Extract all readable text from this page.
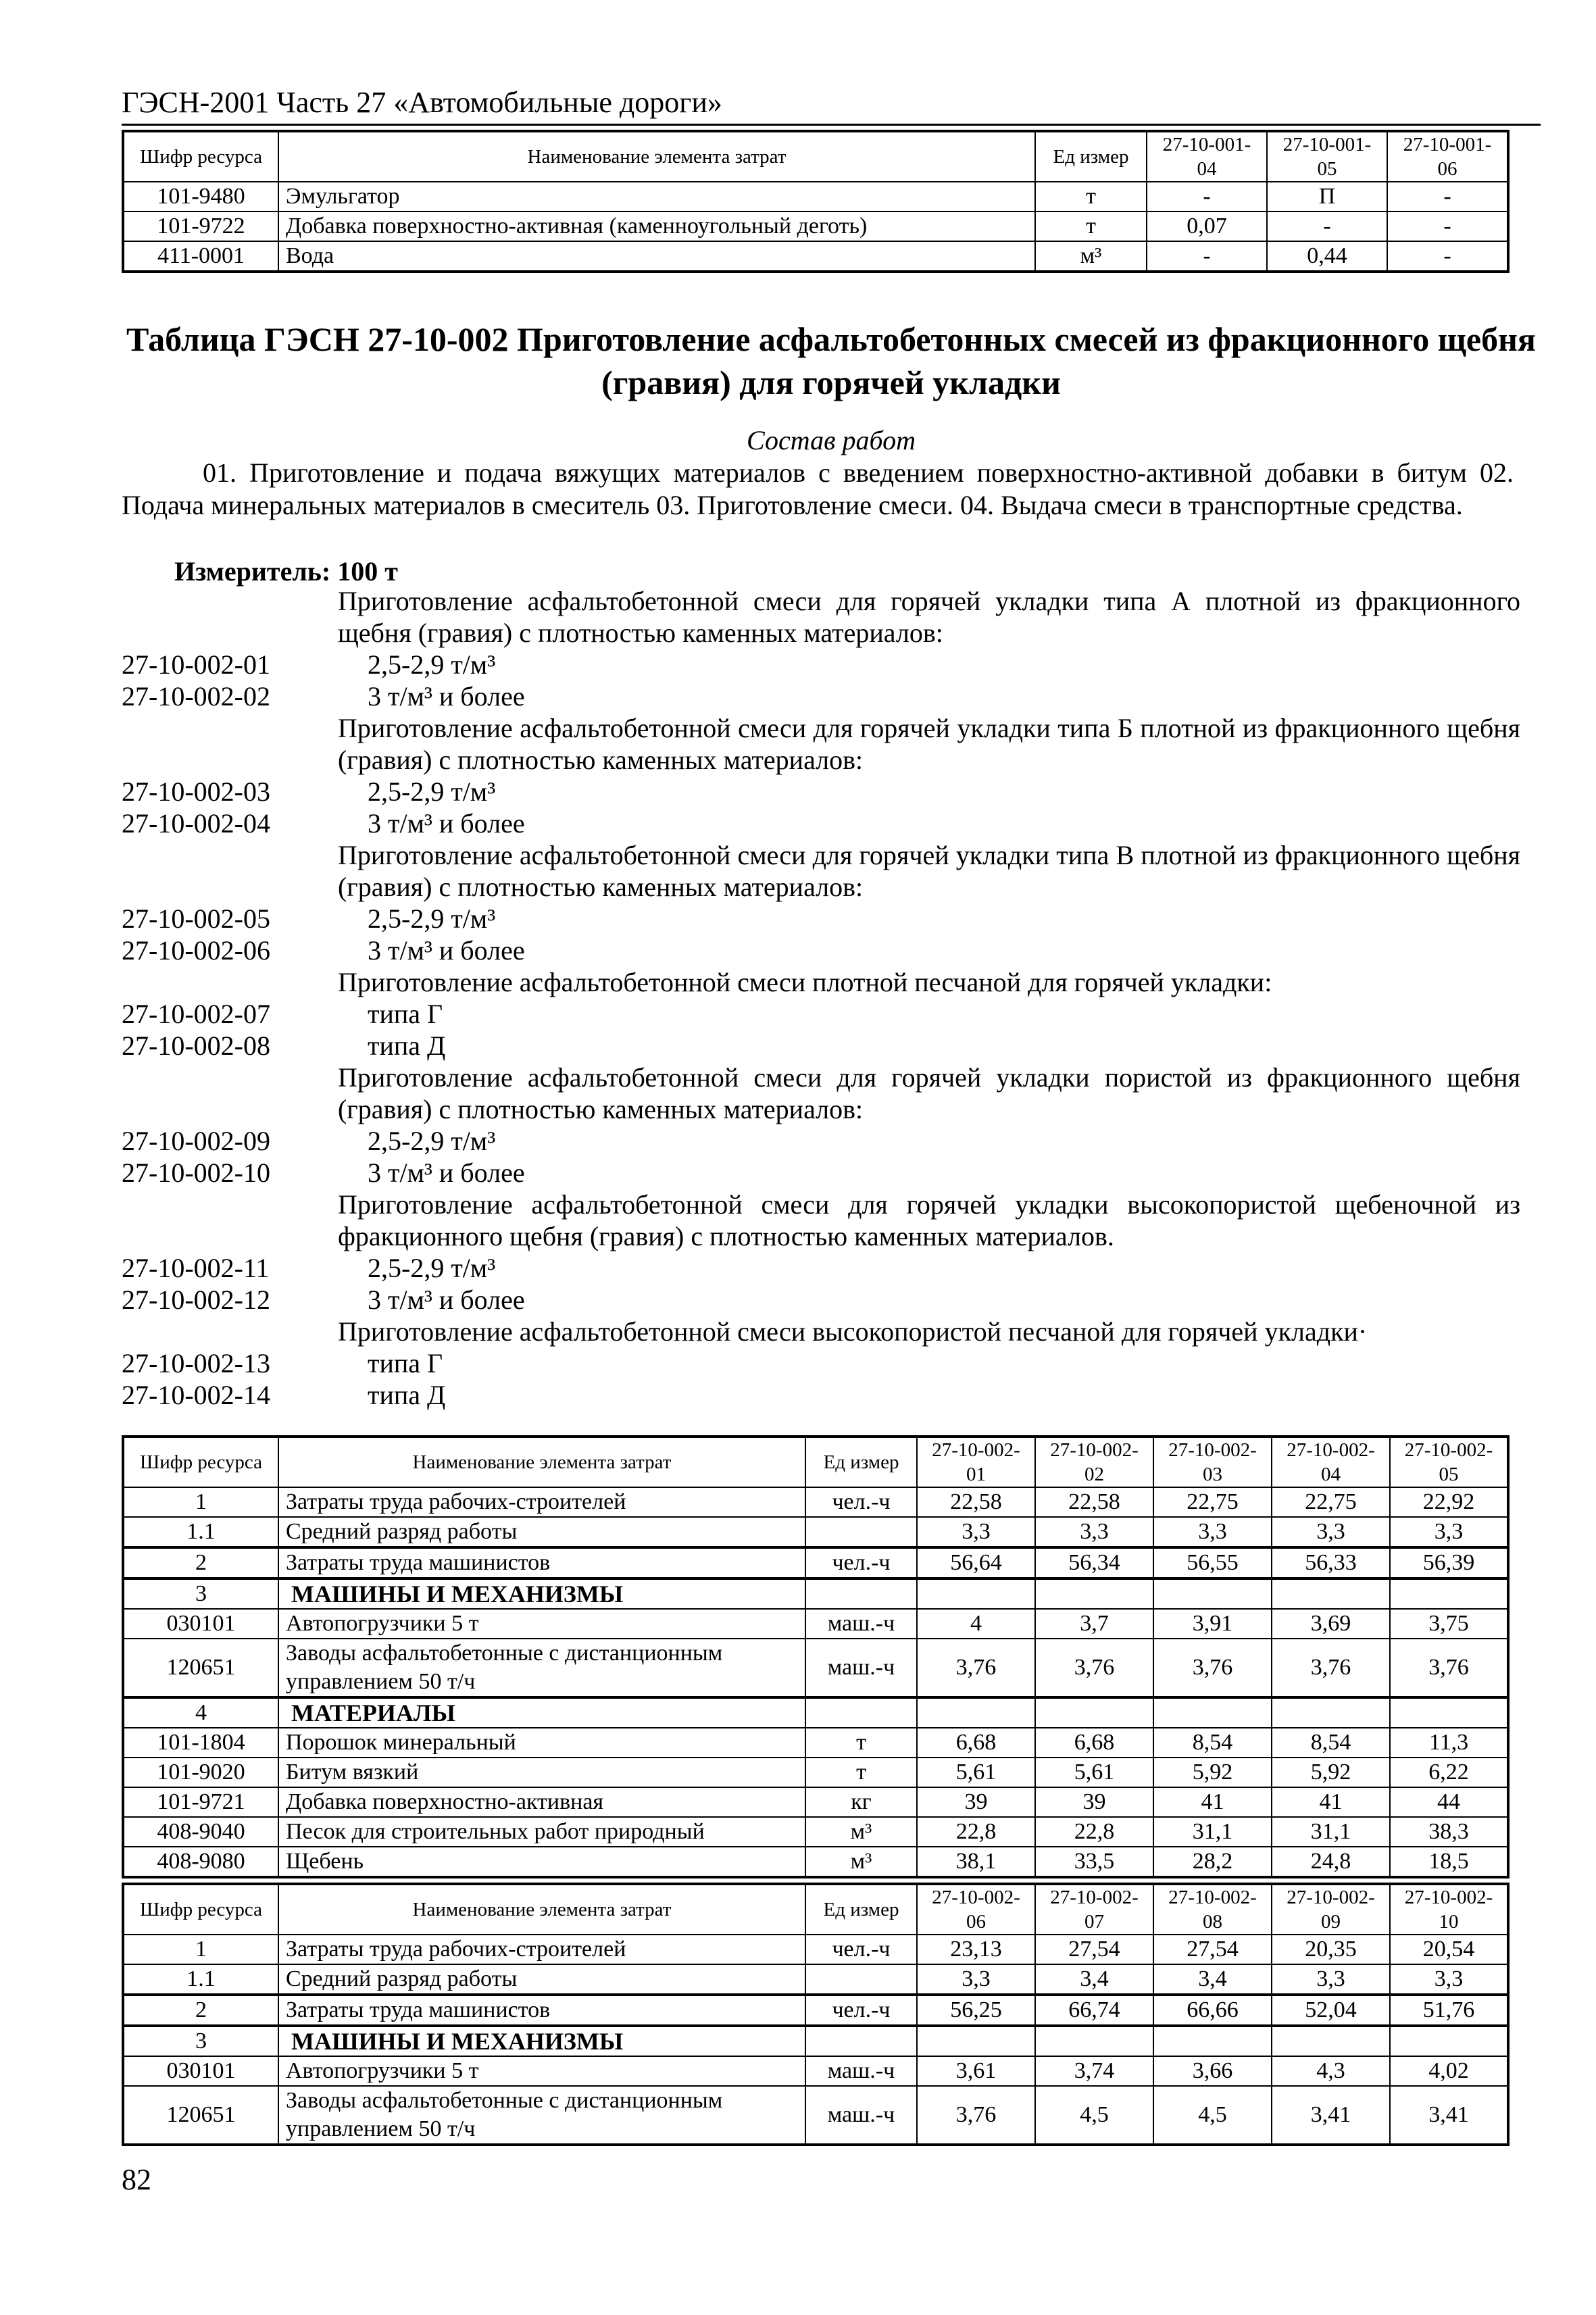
ГЭСН-2001 Часть 27 «Автомобильные дороги»
Шифр ресурса	Наименование элемента затрат	Ед измер	27-10-001-04	27-10-001-05	27-10-001-06
101-9480	Эмульгатор	т	-	П	-
101-9722	Добавка поверхностно-активная (каменноугольный деготь)	т	0,07	-	-
411-0001	Вода	м³	-	0,44	-
Таблица ГЭСН 27-10-002 Приготовление асфальтобетонных смесей из фракционного щебня (гравия) для горячей укладки
Состав работ
01. Приготовление и подача вяжущих материалов с введением поверхностно-активной добавки в битум 02. Подача минеральных материалов в смеситель 03. Приготовление смеси. 04. Выдача смеси в транспортные средства.
Измеритель: 100 т
Приготовление асфальтобетонной смеси для горячей укладки типа А плотной из фракционного щебня (гравия) с плотностью каменных материалов:
27-10-002-01	2,5-2,9 т/м³
27-10-002-02	3 т/м³ и более
Приготовление асфальтобетонной смеси для горячей укладки типа Б плотной из фракционного щебня (гравия) с плотностью каменных материалов:
27-10-002-03	2,5-2,9 т/м³
27-10-002-04	3 т/м³ и более
Приготовление асфальтобетонной смеси для горячей укладки типа В плотной из фракционного щебня (гравия) с плотностью каменных материалов:
27-10-002-05	2,5-2,9 т/м³
27-10-002-06	3 т/м³ и более
Приготовление асфальтобетонной смеси плотной песчаной для горячей укладки:
27-10-002-07	типа Г
27-10-002-08	типа Д
Приготовление асфальтобетонной смеси для горячей укладки пористой из фракционного щебня (гравия) с плотностью каменных материалов:
27-10-002-09	2,5-2,9 т/м³
27-10-002-10	3 т/м³ и более
Приготовление асфальтобетонной смеси для горячей укладки высокопористой щебеночной из фракционного щебня (гравия) с плотностью каменных материалов.
27-10-002-11	2,5-2,9 т/м³
27-10-002-12	3 т/м³ и более
Приготовление асфальтобетонной смеси высокопористой песчаной для горячей укладки·
27-10-002-13	типа Г
27-10-002-14	типа Д
Шифр ресурса	Наименование элемента затрат	Ед измер	27-10-002-01	27-10-002-02	27-10-002-03	27-10-002-04	27-10-002-05
1	Затраты труда рабочих-строителей	чел.-ч	22,58	22,58	22,75	22,75	22,92
1.1	Средний разряд работы		3,3	3,3	3,3	3,3	3,3
2	Затраты труда машинистов	чел.-ч	56,64	56,34	56,55	56,33	56,39
3	МАШИНЫ И МЕХАНИЗМЫ						
030101	Автопогрузчики 5 т	маш.-ч	4	3,7	3,91	3,69	3,75
120651	Заводы асфальтобетонные с дистанционным управлением 50 т/ч	маш.-ч	3,76	3,76	3,76	3,76	3,76
4	МАТЕРИАЛЫ						
101-1804	Порошок минеральный	т	6,68	6,68	8,54	8,54	11,3
101-9020	Битум вязкий	т	5,61	5,61	5,92	5,92	6,22
101-9721	Добавка поверхностно-активная	кг	39	39	41	41	44
408-9040	Песок для строительных работ природный	м³	22,8	22,8	31,1	31,1	38,3
408-9080	Щебень	м³	38,1	33,5	28,2	24,8	18,5
Шифр ресурса	Наименование элемента затрат	Ед измер	27-10-002-06	27-10-002-07	27-10-002-08	27-10-002-09	27-10-002-10
1	Затраты труда рабочих-строителей	чел.-ч	23,13	27,54	27,54	20,35	20,54
1.1	Средний разряд работы		3,3	3,4	3,4	3,3	3,3
2	Затраты труда машинистов	чел.-ч	56,25	66,74	66,66	52,04	51,76
3	МАШИНЫ И МЕХАНИЗМЫ						
030101	Автопогрузчики 5 т	маш.-ч	3,61	3,74	3,66	4,3	4,02
120651	Заводы асфальтобетонные с дистанционным управлением 50 т/ч	маш.-ч	3,76	4,5	4,5	3,41	3,41
82
